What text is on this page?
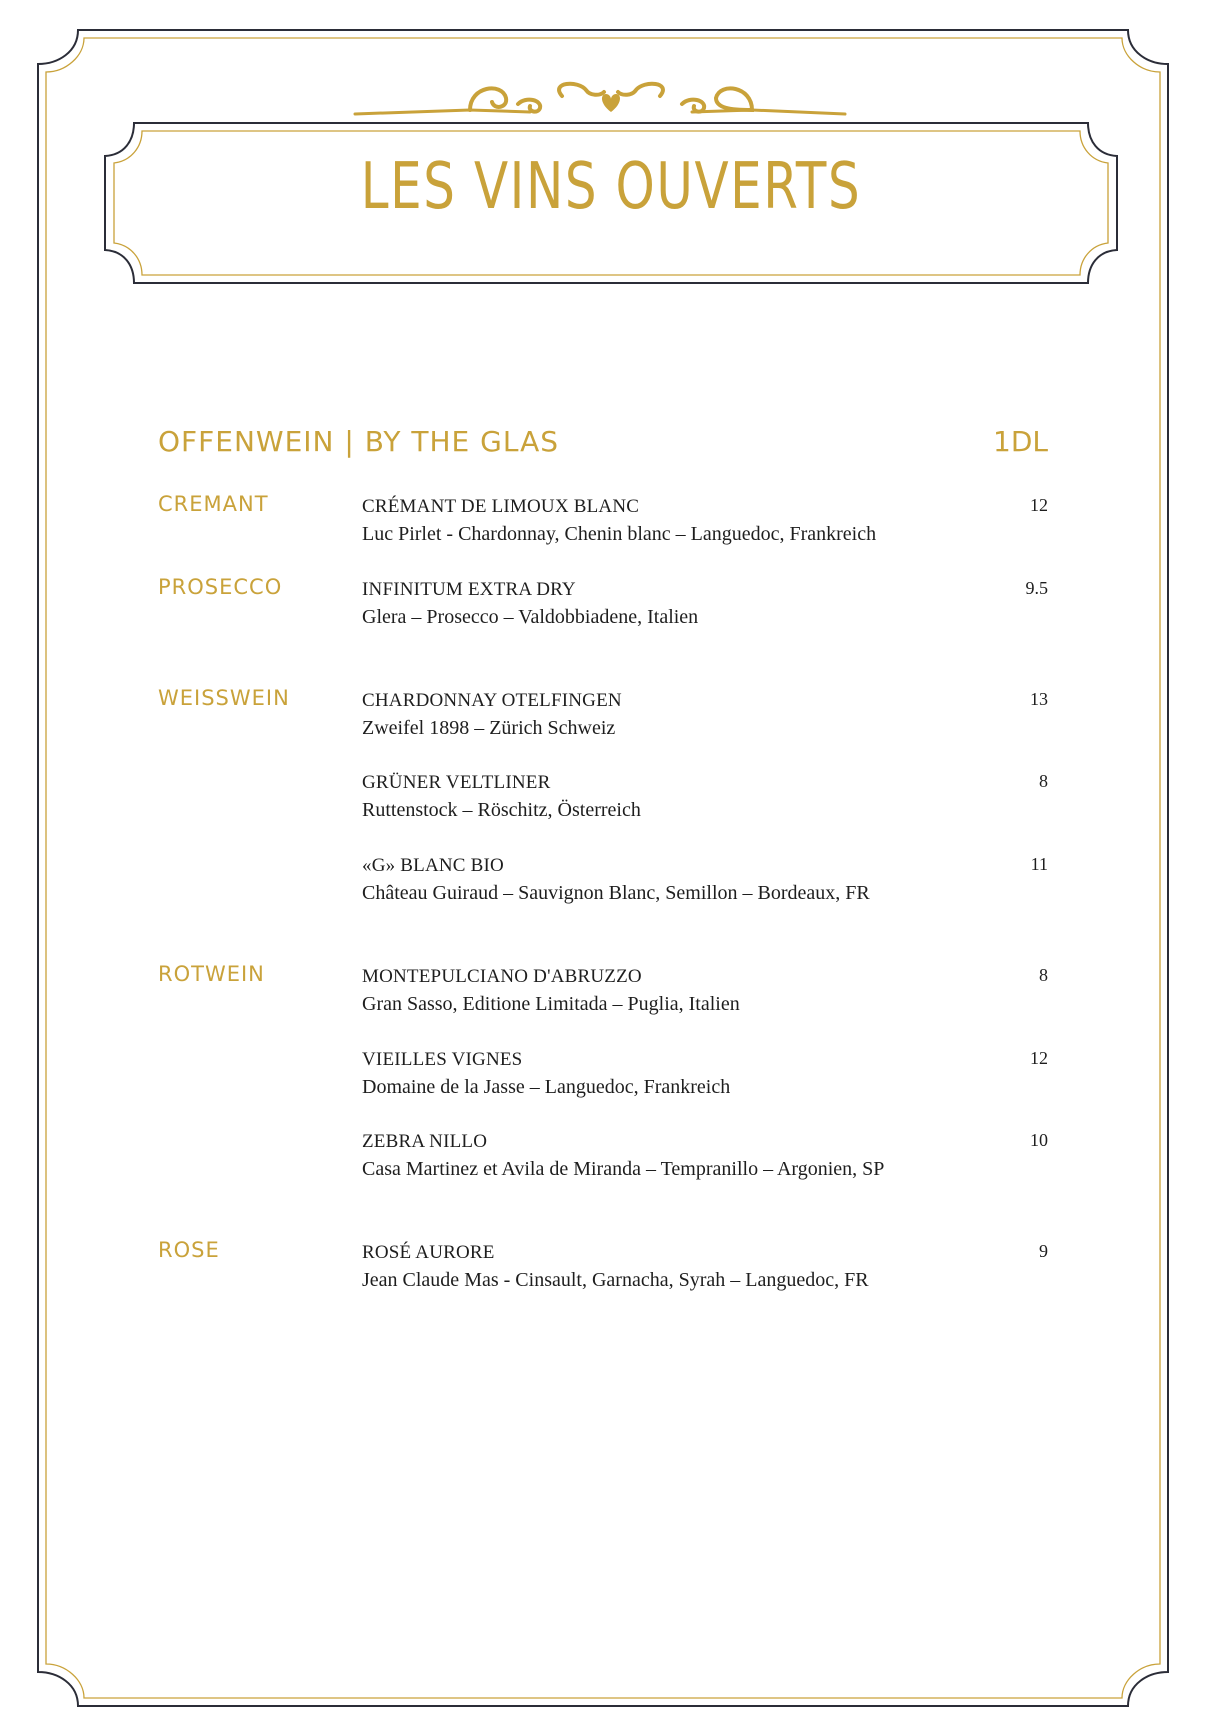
LES VINS OUVERTS
OFFENWEIN | BY THE GLAS	1DL
CREMANT
PROSECCO
WEISSWEIN
ROTWEIN
ROSE
CRÉMANT DE LIMOUX BLANC
Luc Pirlet - Chardonnay, Chenin blanc – Languedoc, Frankreich
12
INFINITUM EXTRA DRY
Glera – Prosecco – Valdobbiadene, Italien
9.5
CHARDONNAY OTELFINGEN
Zweifel 1898 – Zürich Schweiz
13
GRÜNER VELTLINER
Ruttenstock – Röschitz, Österreich
8
«G» BLANC BIO
Château Guiraud – Sauvignon Blanc, Semillon – Bordeaux, FR
11
MONTEPULCIANO D'ABRUZZO
Gran Sasso, Editione Limitada – Puglia, Italien
8
VIEILLES VIGNES
Domaine de la Jasse – Languedoc, Frankreich
12
ZEBRA NILLO
Casa Martinez et Avila de Miranda – Tempranillo – Argonien, SP
10
ROSÉ AURORE
Jean Claude Mas - Cinsault, Garnacha, Syrah – Languedoc, FR
9
